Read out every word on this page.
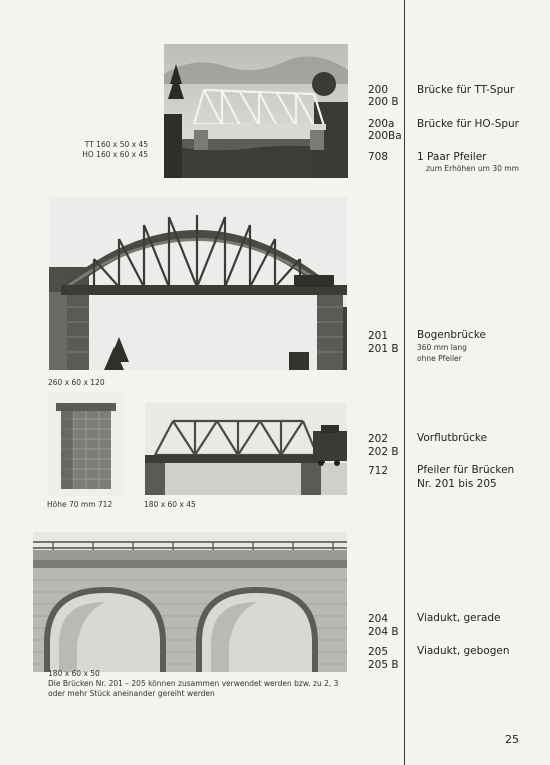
TT 160 x 50 x 45
HO 160 x 60 x 45
200
200 B
200a
200Ba
708
Brücke für TT-Spur
Brücke für HO-Spur
1 Paar Pfeiler
zum Erhöhen um 30 mm
260 x 60 x 120
201
201 B
Bogenbrücke
360 mm lang
ohne Pfeiler
Höhe 70 mm 712	180 x 60 x 45
202
202 B
712
Vorflutbrücke
Pfeiler für Brücken
Nr. 201 bis 205
180 x 60 x 50
Die Brücken Nr. 201 – 205 können zusammen verwendet werden bzw. zu 2, 3 oder mehr Stück aneinander gereiht werden
204
204 B
205
205 B
Viadukt, gerade
Viadukt, gebogen
25
